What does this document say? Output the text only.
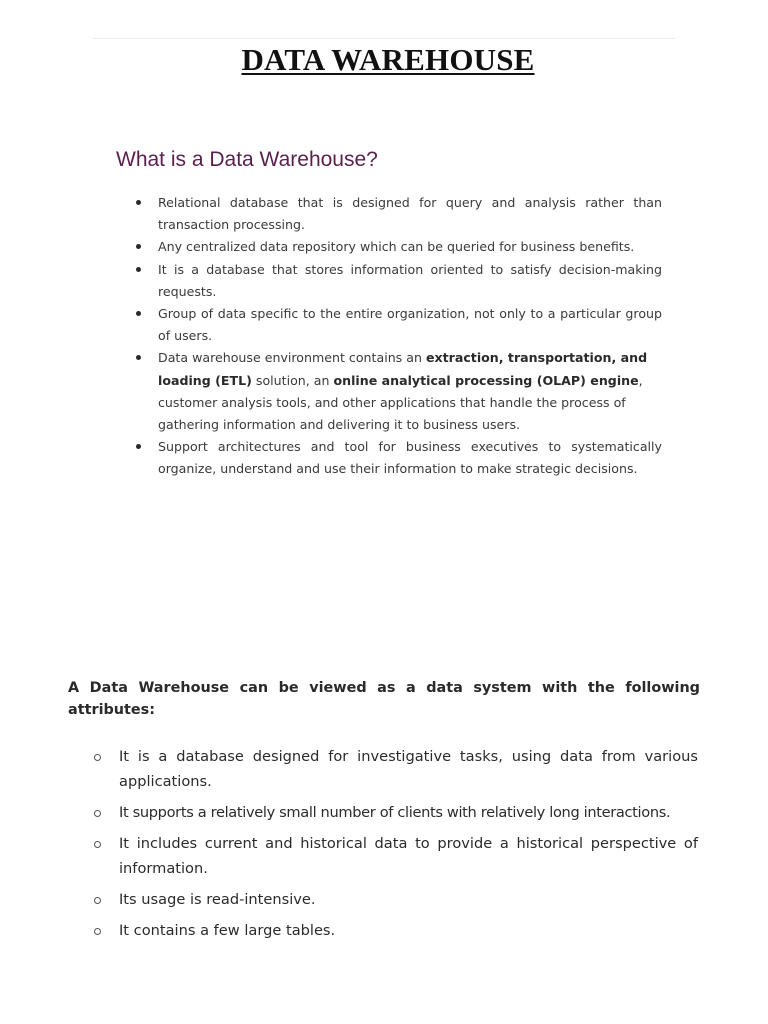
DATA WAREHOUSE
What is a Data Warehouse?
Relational database that is designed for query and analysis rather than transaction processing.
Any centralized data repository which can be queried for business benefits.
It is a database that stores information oriented to satisfy decision-making requests.
Group of data specific to the entire organization, not only to a particular group of users.
Data warehouse environment contains an extraction, transportation, and loading (ETL) solution, an online analytical processing (OLAP) engine, customer analysis tools, and other applications that handle the process of gathering information and delivering it to business users.
Support architectures and tool for business executives to systematically organize, understand and use their information to make strategic decisions.

A Data Warehouse can be viewed as a data system with the following
attributes:

It is a database designed for investigative tasks, using data from various applications.
It supports a relatively small number of clients with relatively long interactions.
It includes current and historical data to provide a historical perspective of information.
Its usage is read-intensive.
It contains a few large tables.
